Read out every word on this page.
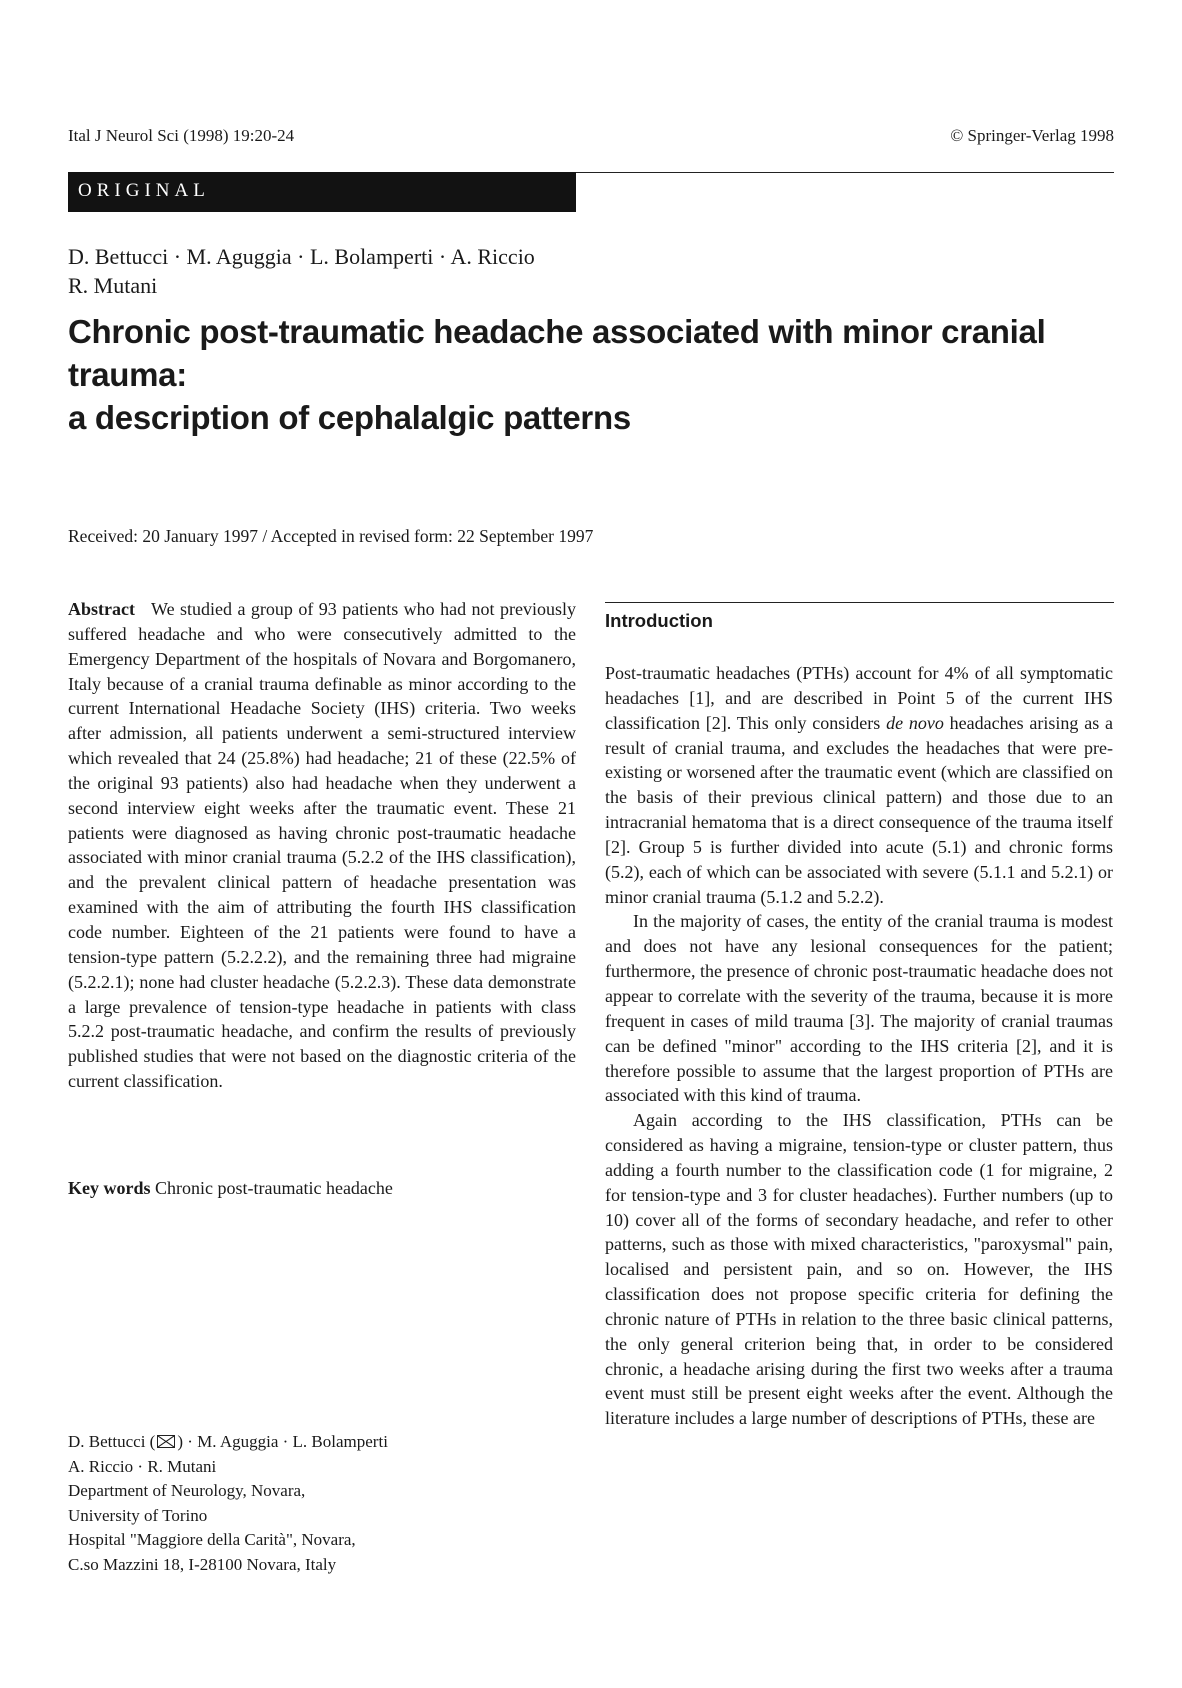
Ital J Neurol Sci (1998) 19:20-24	© Springer-Verlag 1998
ORIGINAL
D. Bettucci · M. Aguggia · L. Bolamperti · A. Riccio
R. Mutani
Chronic post-traumatic headache associated with minor cranial trauma:
a description of cephalalgic patterns
Received: 20 January 1997 / Accepted in revised form: 22 September 1997
Abstract We studied a group of 93 patients who had not previously suffered headache and who were consecutively admitted to the Emergency Department of the hospitals of Novara and Borgomanero, Italy because of a cranial trauma definable as minor according to the current International Headache Society (IHS) criteria. Two weeks after admission, all patients underwent a semi-structured interview which revealed that 24 (25.8%) had headache; 21 of these (22.5% of the original 93 patients) also had headache when they underwent a second interview eight weeks after the traumatic event. These 21 patients were diagnosed as having chronic post-traumatic headache associated with minor cranial trauma (5.2.2 of the IHS classification), and the prevalent clinical pattern of headache presentation was examined with the aim of attributing the fourth IHS classification code number. Eighteen of the 21 patients were found to have a tension-type pattern (5.2.2.2), and the remaining three had migraine (5.2.2.1); none had cluster headache (5.2.2.3). These data demonstrate a large prevalence of tension-type headache in patients with class 5.2.2 post-traumatic headache, and confirm the results of previously published studies that were not based on the diagnostic criteria of the current classification.
Key words Chronic post-traumatic headache
D. Bettucci ( ) · M. Aguggia · L. Bolamperti
A. Riccio · R. Mutani
Department of Neurology, Novara,
University of Torino
Hospital "Maggiore della Carità", Novara,
C.so Mazzini 18, I-28100 Novara, Italy
Introduction

Post-traumatic headaches (PTHs) account for 4% of all symptomatic headaches [1], and are described in Point 5 of the current IHS classification [2]. This only considers de novo headaches arising as a result of cranial trauma, and excludes the headaches that were pre-existing or worsened after the traumatic event (which are classified on the basis of their previous clinical pattern) and those due to an intracranial hematoma that is a direct consequence of the trauma itself [2]. Group 5 is further divided into acute (5.1) and chronic forms (5.2), each of which can be associated with severe (5.1.1 and 5.2.1) or minor cranial trauma (5.1.2 and 5.2.2).

In the majority of cases, the entity of the cranial trauma is modest and does not have any lesional consequences for the patient; furthermore, the presence of chronic post-traumatic headache does not appear to correlate with the severity of the trauma, because it is more frequent in cases of mild trauma [3]. The majority of cranial traumas can be defined "minor" according to the IHS criteria [2], and it is therefore possible to assume that the largest proportion of PTHs are associated with this kind of trauma.

Again according to the IHS classification, PTHs can be considered as having a migraine, tension-type or cluster pattern, thus adding a fourth number to the classification code (1 for migraine, 2 for tension-type and 3 for cluster headaches). Further numbers (up to 10) cover all of the forms of secondary headache, and refer to other patterns, such as those with mixed characteristics, "paroxysmal" pain, localised and persistent pain, and so on. However, the IHS classification does not propose specific criteria for defining the chronic nature of PTHs in relation to the three basic clinical patterns, the only general criterion being that, in order to be considered chronic, a headache arising during the first two weeks after a trauma event must still be present eight weeks after the event. Although the literature includes a large number of descriptions of PTHs, these are
